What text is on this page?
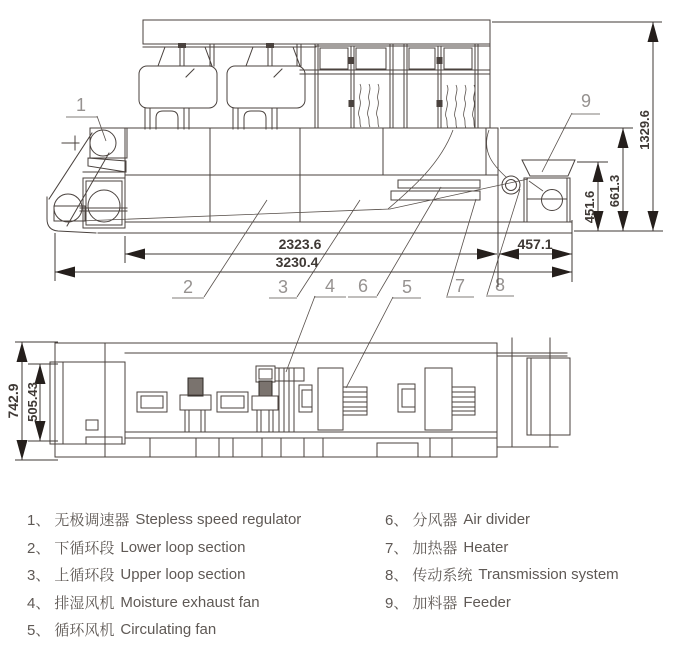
1
2	3 4 6 5 7 8
9
2323.6
3230.4
457.1
451.6 661.3
1329.6
742.9 505.43
1、 无极调速器 Stepless speed regulator
2、 下循环段 Lower loop section
3、 上循环段 Upper loop section
4、 排湿风机 Moisture exhaust fan
5、 循环风机 Circulating fan
6、 分风器 Air divider
7、 加热器 Heater
8、 传动系统 Transmission system
9、 加料器 Feeder
